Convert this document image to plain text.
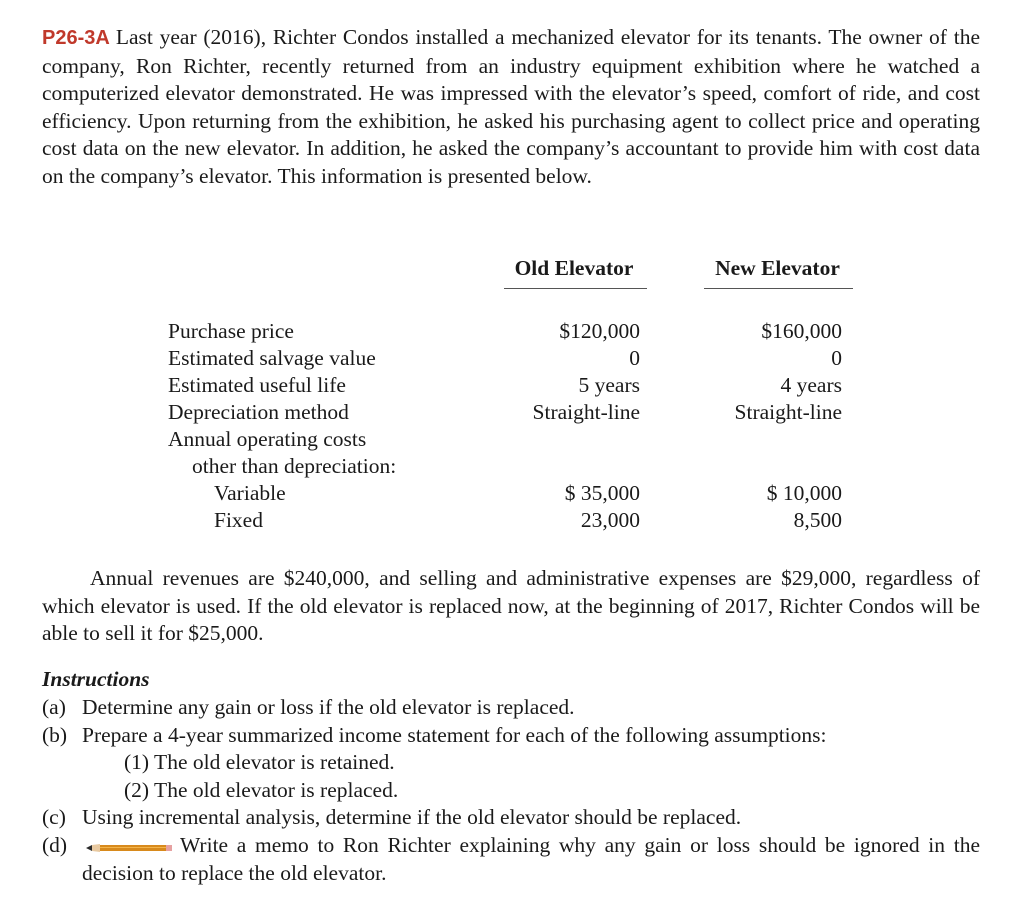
P26-3A Last year (2016), Richter Condos installed a mechanized elevator for its tenants. The owner of the company, Ron Richter, recently returned from an industry equipment exhibition where he watched a computerized elevator demonstrated. He was impressed with the elevator’s speed, comfort of ride, and cost efficiency. Upon returning from the exhibition, he asked his purchasing agent to collect price and operating cost data on the new elevator. In addition, he asked the company’s accountant to provide him with cost data on the company’s elevator. This information is presented below.

Old Elevator	New Elevator
Purchase price	$120,000	$160,000
Estimated salvage value	0	0
Estimated useful life	5 years	4 years
Depreciation method	Straight-line	Straight-line
Annual operating costs
other than depreciation:
Variable	$ 35,000	$ 10,000
Fixed	23,000	8,500

Annual revenues are $240,000, and selling and administrative expenses are $29,000, regardless of which elevator is used. If the old elevator is replaced now, at the beginning of 2017, Richter Condos will be able to sell it for $25,000.

Instructions
(a) Determine any gain or loss if the old elevator is replaced.
(b) Prepare a 4-year summarized income statement for each of the following assumptions:
(1) The old elevator is retained.
(2) The old elevator is replaced.
(c) Using incremental analysis, determine if the old elevator should be replaced.
(d)	Write a memo to Ron Richter explaining why any gain or loss should be ignored in the decision to replace the old elevator.
